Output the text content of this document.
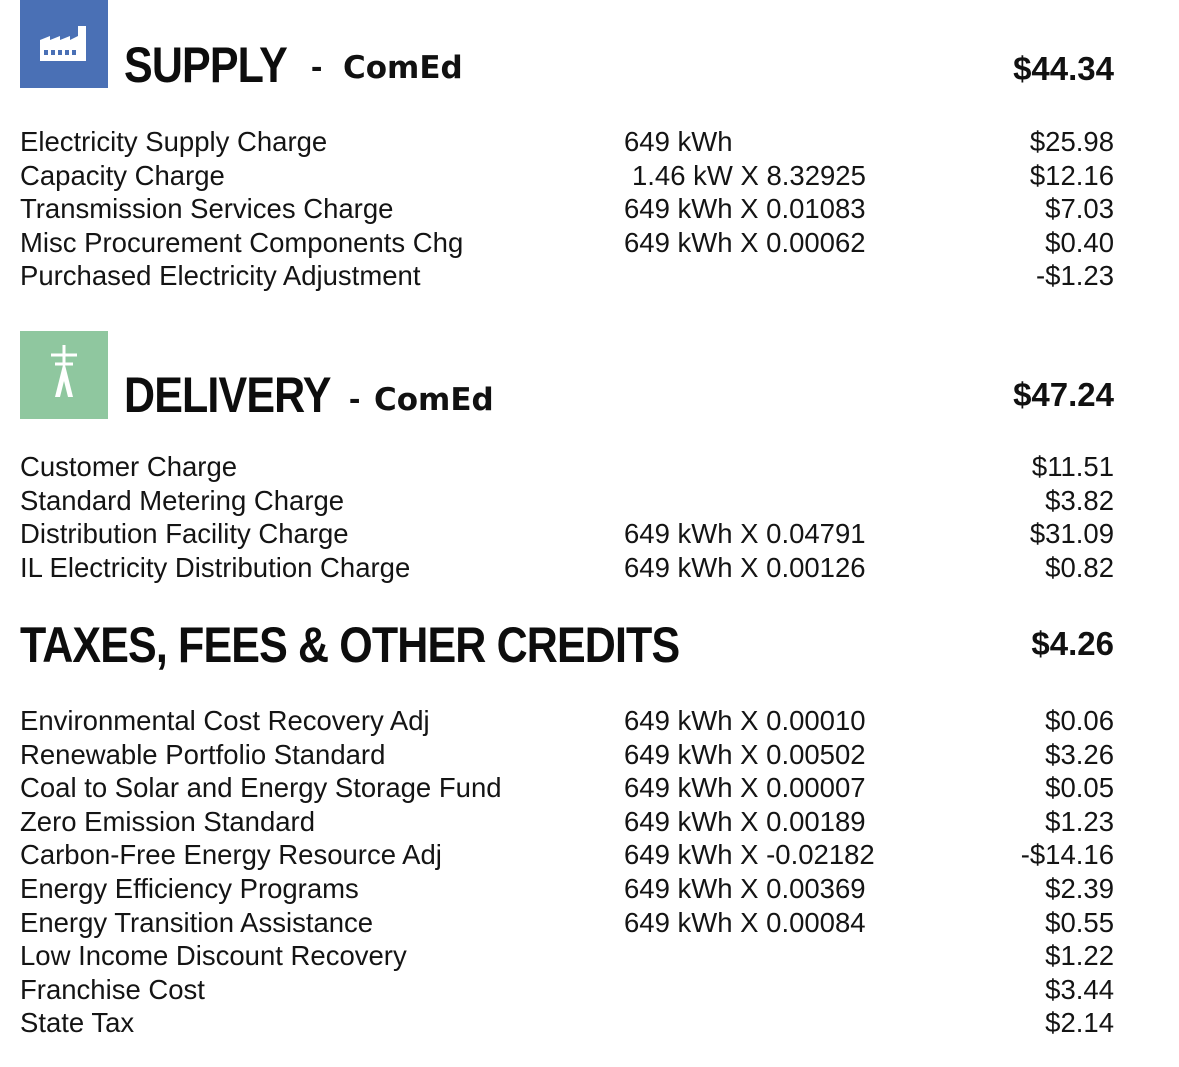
SUPPLY - ComEd	$44.34
Electricity Supply Charge	649 kWh	$25.98
Capacity Charge	1.46 kW X 8.32925	$12.16
Transmission Services Charge	649 kWh X 0.01083	$7.03
Misc Procurement Components Chg	649 kWh X 0.00062	$0.40
Purchased Electricity Adjustment	-$1.23
DELIVERY - ComEd	$47.24
Customer Charge	$11.51
Standard Metering Charge	$3.82
Distribution Facility Charge	649 kWh X 0.04791	$31.09
IL Electricity Distribution Charge	649 kWh X 0.00126	$0.82
TAXES, FEES & OTHER CREDITS	$4.26
Environmental Cost Recovery Adj	649 kWh X 0.00010	$0.06
Renewable Portfolio Standard	649 kWh X 0.00502	$3.26
Coal to Solar and Energy Storage Fund	649 kWh X 0.00007	$0.05
Zero Emission Standard	649 kWh X 0.00189	$1.23
Carbon-Free Energy Resource Adj	649 kWh X -0.02182	-$14.16
Energy Efficiency Programs	649 kWh X 0.00369	$2.39
Energy Transition Assistance	649 kWh X 0.00084	$0.55
Low Income Discount Recovery	$1.22
Franchise Cost	$3.44
State Tax	$2.14
